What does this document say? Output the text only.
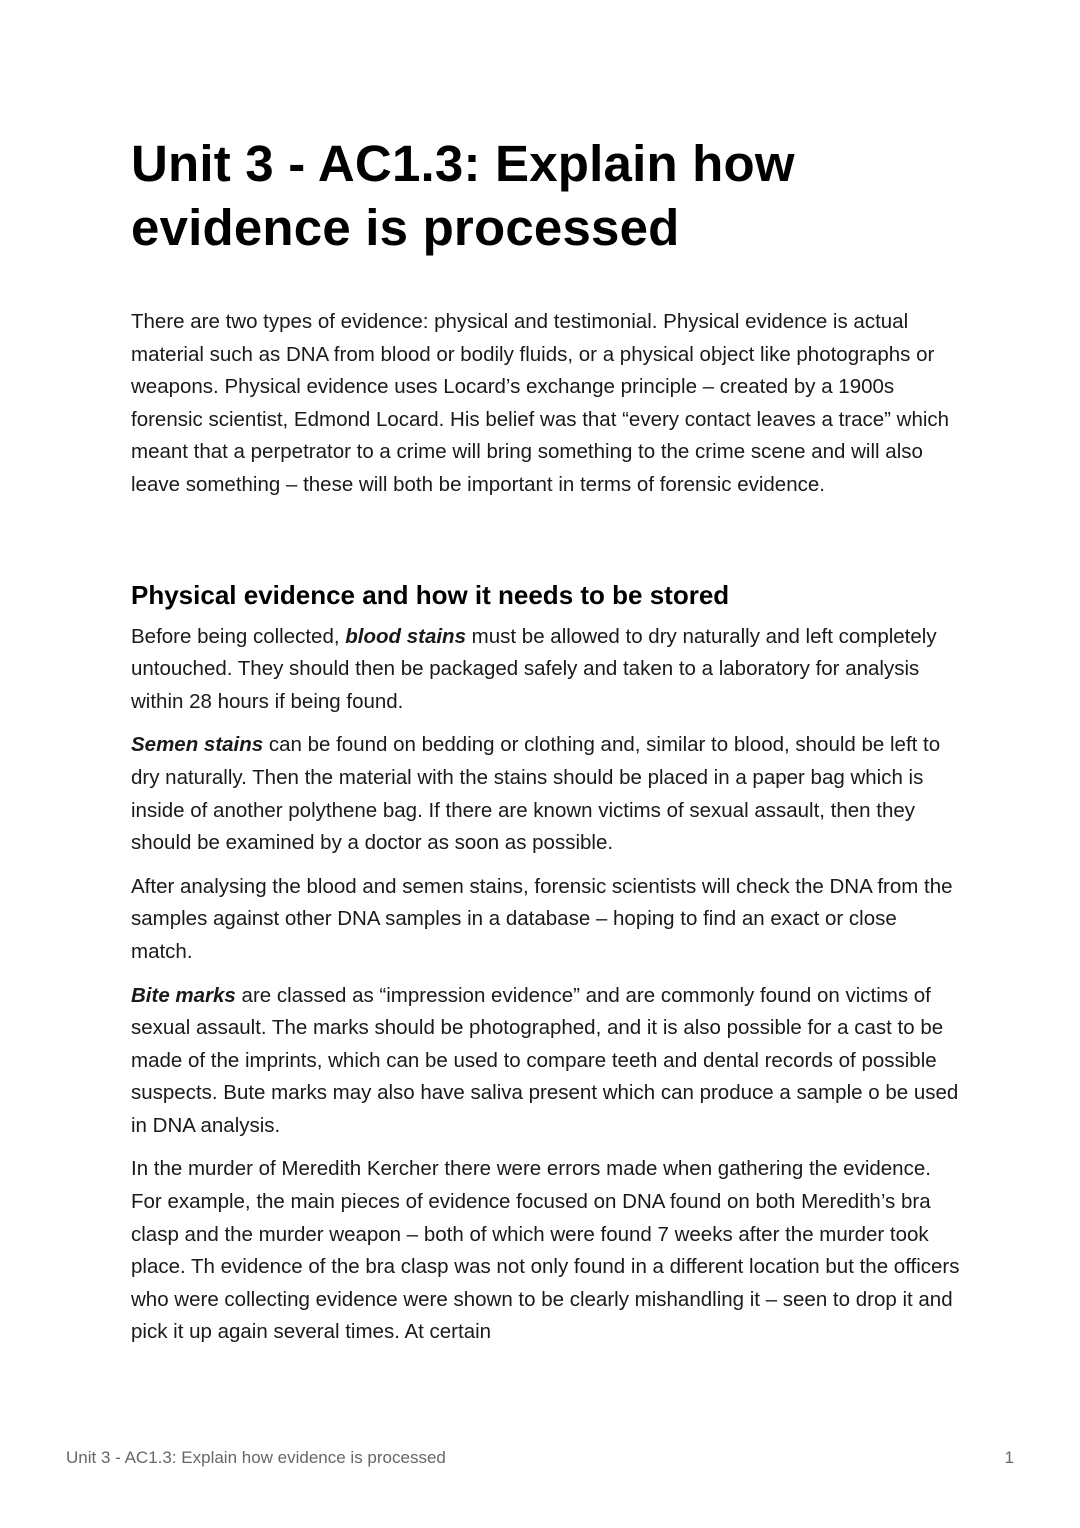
Unit 3 - AC1.3: Explain how evidence is processed

There are two types of evidence: physical and testimonial. Physical evidence is actual material such as DNA from blood or bodily fluids, or a physical object like photographs or weapons. Physical evidence uses Locard’s exchange principle – created by a 1900s forensic scientist, Edmond Locard. His belief was that “every contact leaves a trace” which meant that a perpetrator to a crime will bring something to the crime scene and will also leave something – these will both be important in terms of forensic evidence.

Physical evidence and how it needs to be stored

Before being collected, blood stains must be allowed to dry naturally and left completely untouched. They should then be packaged safely and taken to a laboratory for analysis within 28 hours if being found.

Semen stains can be found on bedding or clothing and, similar to blood, should be left to dry naturally. Then the material with the stains should be placed in a paper bag which is inside of another polythene bag. If there are known victims of sexual assault, then they should be examined by a doctor as soon as possible.

After analysing the blood and semen stains, forensic scientists will check the DNA from the samples against other DNA samples in a database – hoping to find an exact or close match.

Bite marks are classed as “impression evidence” and are commonly found on victims of sexual assault. The marks should be photographed, and it is also possible for a cast to be made of the imprints, which can be used to compare teeth and dental records of possible suspects. Bute marks may also have saliva present which can produce a sample o be used in DNA analysis.

In the murder of Meredith Kercher there were errors made when gathering the evidence. For example, the main pieces of evidence focused on DNA found on both Meredith’s bra clasp and the murder weapon – both of which were found 7 weeks after the murder took place. Th evidence of the bra clasp was not only found in a different location but the officers who were collecting evidence were shown to be clearly mishandling it – seen to drop it and pick it up again several times. At certain

Unit 3 - AC1.3: Explain how evidence is processed	1
